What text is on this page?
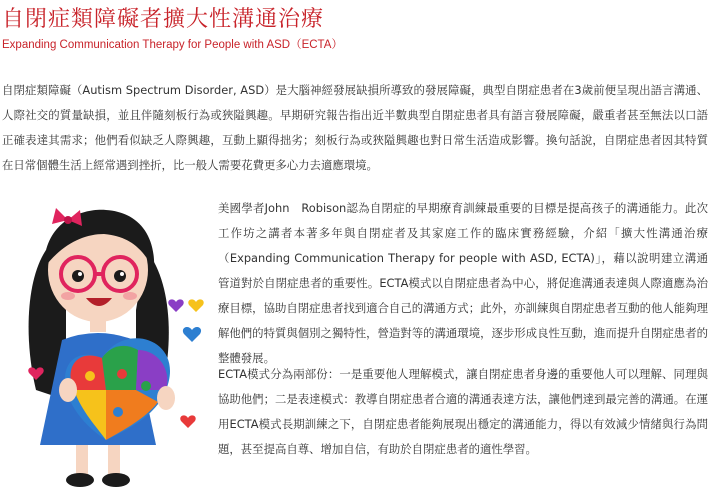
自閉症類障礙者擴大性溝通治療
Expanding Communication Therapy for People with ASD（ECTA）

自閉症類障礙（Autism Spectrum Disorder, ASD）是大腦神經發展缺損所導致的發展障礙，典型自閉症患者在3歲前便呈現出語言溝通、人際社交的質量缺損，並且伴隨刻板行為或狹隘興趣。早期研究報告指出近半數典型自閉症患者具有語言發展障礙，嚴重者甚至無法以口語正確表達其需求；他們看似缺乏人際興趣，互動上顯得拙劣；刻板行為或狹隘興趣也對日常生活造成影響。換句話說，自閉症患者因其特質在日常個體生活上經常遇到挫折，比一般人需要花費更多心力去適應環境。

美國學者John　Robison認為自閉症的早期療育訓練最重要的目標是提高孩子的溝通能力。此次工作坊之講者本著多年與自閉症者及其家庭工作的臨床實務經驗，介紹「擴大性溝通治療（Expanding Communication Therapy for people with ASD, ECTA)」，藉以說明建立溝通管道對於自閉症患者的重要性。ECTA模式以自閉症患者為中心，將促進溝通表達與人際適應為治療目標，協助自閉症患者找到適合自己的溝通方式；此外，亦訓練與自閉症患者互動的他人能夠理解他們的特質與個別之獨特性，營造對等的溝通環境，逐步形成良性互動，進而提升自閉症患者的整體發展。

ECTA模式分為兩部份：一是重要他人理解模式，讓自閉症患者身邊的重要他人可以理解、同理與協助他們；二是表達模式：教導自閉症患者合適的溝通表達方法，讓他們達到最完善的溝通。在運用ECTA模式長期訓練之下，自閉症患者能夠展現出穩定的溝通能力，得以有效減少情緒與行為問題，甚至提高自尊、增加自信，有助於自閉症患者的適性學習。
